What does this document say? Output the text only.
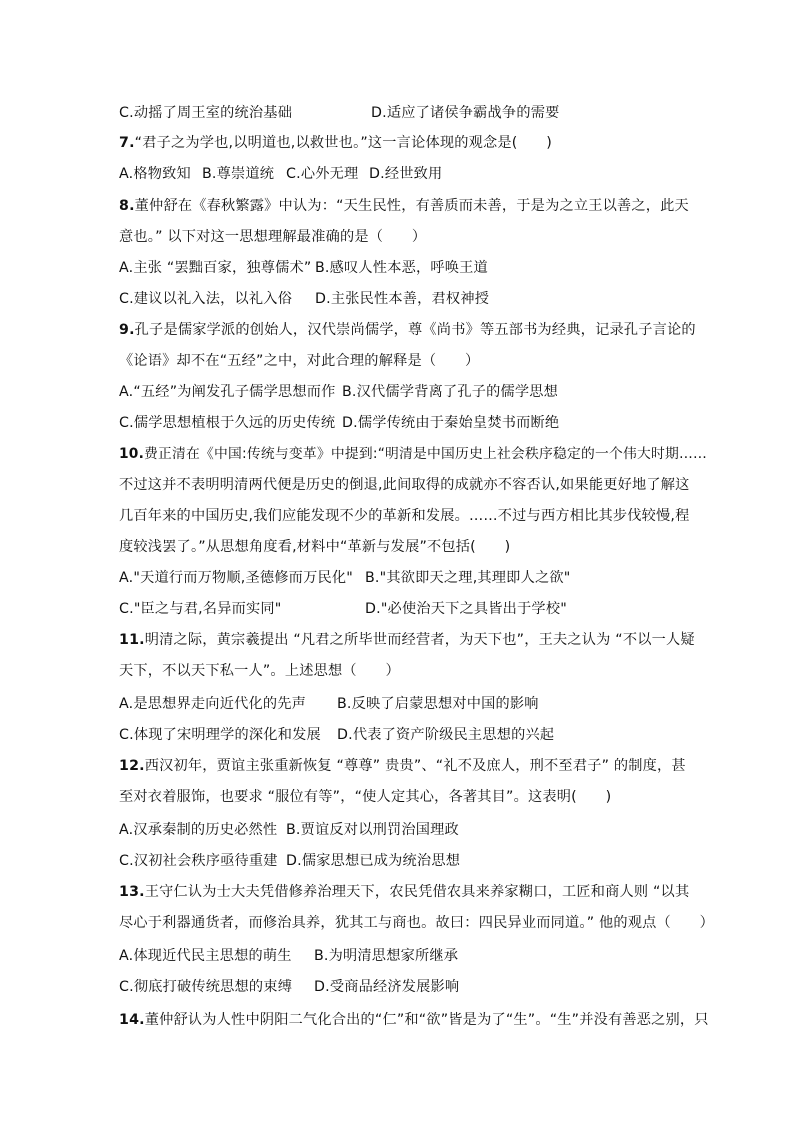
C.动摇了周王室的统治基础	D.适应了诸侯争霸战争的需要
7.“君子之为学也,以明道也,以救世也。”这一言论体现的观念是(　　)
A.格物致知 B.尊崇道统 C.心外无理 D.经世致用
8.董仲舒在《春秋繁露》中认为：“天生民性，有善质而未善，于是为之立王以善之，此天
意也。” 以下对这一思想理解最准确的是（　　）
A.主张 “罢黜百家，独尊儒术” B.感叹人性本恶，呼唤王道
C.建议以礼入法，以礼入俗 D.主张民性本善，君权神授
9.孔子是儒家学派的创始人，汉代崇尚儒学，尊《尚书》等五部书为经典，记录孔子言论的
《论语》却不在“五经”之中，对此合理的解释是（　　）
A.“五经”为阐发孔子儒学思想而作 B.汉代儒学背离了孔子的儒学思想
C.儒学思想植根于久远的历史传统 D.儒学传统由于秦始皇焚书而断绝
10.费正清在《中国:传统与变革》中提到:“明清是中国历史上社会秩序稳定的一个伟大时期……
不过这并不表明明清两代便是历史的倒退,此间取得的成就亦不容否认,如果能更好地了解这
几百年来的中国历史,我们应能发现不少的革新和发展。……不过与西方相比其步伐较慢,程
度较浅罢了。”从思想角度看,材料中“革新与发展”不包括(　　)
A."天道行而万物顺,圣德修而万民化" B."其欲即天之理,其理即人之欲"
C."臣之与君,名异而实同"	D."必使治天下之具皆出于学校"
11.明清之际，黄宗羲提出 “凡君之所毕世而经营者，为天下也”，王夫之认为 “不以一人疑
天下，不以天下私一人”。上述思想（　　）
A.是思想界走向近代化的先声 B.反映了启蒙思想对中国的影响
C.体现了宋明理学的深化和发展 D.代表了资产阶级民主思想的兴起
12.西汉初年，贾谊主张重新恢复 “尊尊” 贵贵”、“礼不及庶人，刑不至君子” 的制度，甚
至对衣着服饰，也要求 “服位有等”，“使人定其心，各著其目”。这表明(　　)
A.汉承秦制的历史必然性 B.贾谊反对以刑罚治国理政
C.汉初社会秩序亟待重建 D.儒家思想已成为统治思想
13.王守仁认为士大夫凭借修养治理天下，农民凭借农具来养家糊口，工匠和商人则 “以其
尽心于利器通货者，而修治具养，犹其工与商也。故曰：四民异业而同道。” 他的观点（　　）
A.体现近代民主思想的萌生 B.为明清思想家所继承
C.彻底打破传统思想的束缚 D.受商品经济发展影响
14.董仲舒认为人性中阴阳二气化合出的“仁”和“欲”皆是为了“生”。“生”并没有善恶之别，只
